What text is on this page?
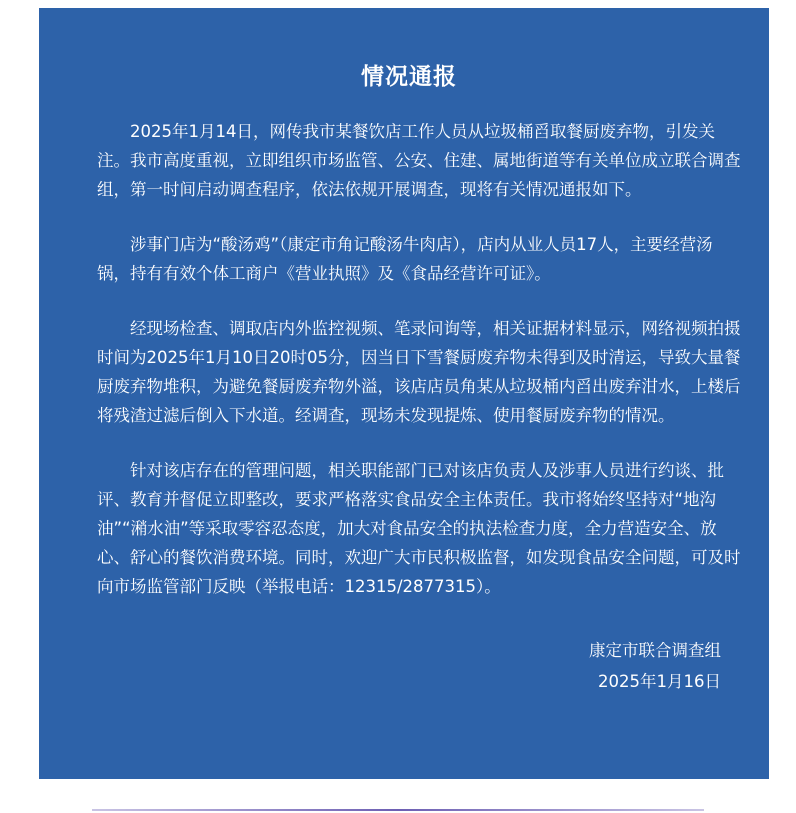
情况通报

2025年1月14日，网传我市某餐饮店工作人员从垃圾桶舀取餐厨废弃物，引发关注。我市高度重视，立即组织市场监管、公安、住建、属地街道等有关单位成立联合调查组，第一时间启动调查程序，依法依规开展调查，现将有关情况通报如下。

涉事门店为“酸汤鸡”（康定市角记酸汤牛肉店），店内从业人员17人，主要经营汤锅，持有有效个体工商户《营业执照》及《食品经营许可证》。

经现场检查、调取店内外监控视频、笔录问询等，相关证据材料显示，网络视频拍摄时间为2025年1月10日20时05分，因当日下雪餐厨废弃物未得到及时清运，导致大量餐厨废弃物堆积，为避免餐厨废弃物外溢，该店店员角某从垃圾桶内舀出废弃泔水，上楼后将残渣过滤后倒入下水道。经调查，现场未发现提炼、使用餐厨废弃物的情况。

针对该店存在的管理问题，相关职能部门已对该店负责人及涉事人员进行约谈、批评、教育并督促立即整改，要求严格落实食品安全主体责任。我市将始终坚持对“地沟油”“潲水油”等采取零容忍态度，加大对食品安全的执法检查力度，全力营造安全、放心、舒心的餐饮消费环境。同时，欢迎广大市民积极监督，如发现食品安全问题，可及时向市场监管部门反映（举报电话：12315/2877315）。

康定市联合调查组
2025年1月16日
